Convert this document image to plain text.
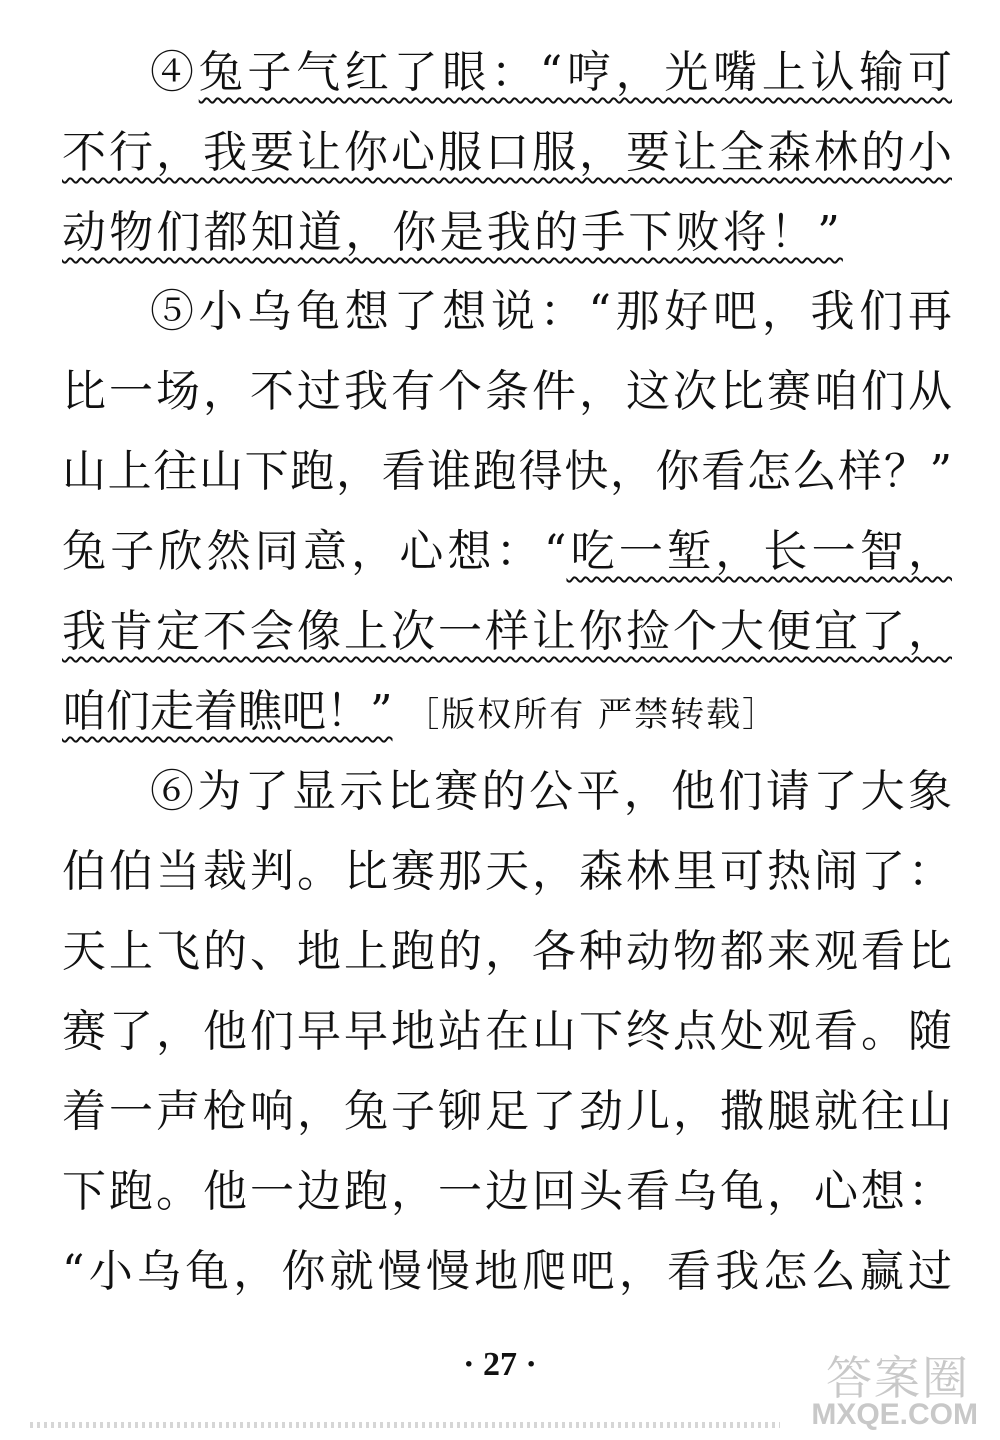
④兔子气红了眼：“哼，光嘴上认输可
不行，我要让你心服口服，要让全森林的小
动物们都知道，你是我的手下败将！”
⑤小乌龟想了想说：“那好吧，我们再
比一场，不过我有个条件，这次比赛咱们从
山上往山下跑，看谁跑得快，你看怎么样？”
兔子欣然同意，心想：“吃一堑，长一智，
我肯定不会像上次一样让你捡个大便宜了，
咱们走着瞧吧！” ［版权所有 严禁转载］
⑥为了显示比赛的公平，他们请了大象
伯伯当裁判。比赛那天，森林里可热闹了：
天上飞的、地上跑的，各种动物都来观看比
赛了，他们早早地站在山下终点处观看。随
着一声枪响，兔子铆足了劲儿，撒腿就往山
下跑。他一边跑，一边回头看乌龟，心想：
“小乌龟，你就慢慢地爬吧，看我怎么赢过
· 27 ·	答案圈
MXQE.COM
